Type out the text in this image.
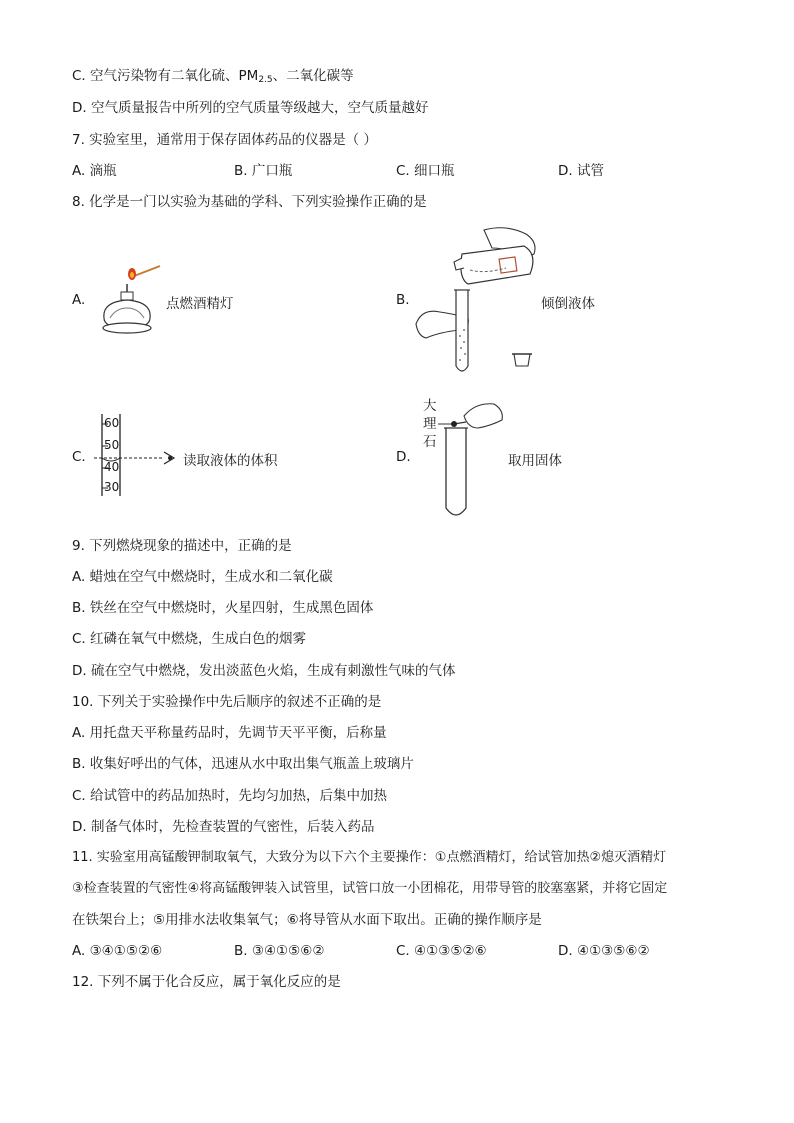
C. 空气污染物有二氧化硫、$PM_{2.5}$、二氧化碳等
D. 空气质量报告中所列的空气质量等级越大，空气质量越好
7. 实验室里，通常用于保存固体药品的仪器是（ ）
A. 滴瓶	B. 广口瓶	C. 细口瓶	D. 试管
8. 化学是一门以实验为基础的学科、下列实验操作正确的是
A.	点燃酒精灯	B.	倾倒液体
C.
60
50
40
30
读取液体的体积	D.
大
理
石
取用固体
9. 下列燃烧现象的描述中，正确的是
A. 蜡烛在空气中燃烧时，生成水和二氧化碳
B. 铁丝在空气中燃烧时，火星四射，生成黑色固体
C. 红磷在氧气中燃烧，生成白色的烟雾
D. 硫在空气中燃烧，发出淡蓝色火焰，生成有刺激性气味的气体
10. 下列关于实验操作中先后顺序的叙述不正确的是
A. 用托盘天平称量药品时，先调节天平平衡，后称量
B. 收集好呼出的气体，迅速从水中取出集气瓶盖上玻璃片
C. 给试管中的药品加热时，先均匀加热，后集中加热
D. 制备气体时，先检查装置的气密性，后装入药品
11. 实验室用高锰酸钾制取氧气，大致分为以下六个主要操作：①点燃酒精灯，给试管加热②熄灭酒精灯
③检查装置的气密性④将高锰酸钾装入试管里，试管口放一小团棉花，用带导管的胶塞塞紧，并将它固定
在铁架台上；⑤用排水法收集氧气；⑥将导管从水面下取出。正确的操作顺序是
A. ③④①⑤②⑥	B. ③④①⑤⑥②	C. ④①③⑤②⑥	D. ④①③⑤⑥②
12. 下列不属于化合反应，属于氧化反应的是
